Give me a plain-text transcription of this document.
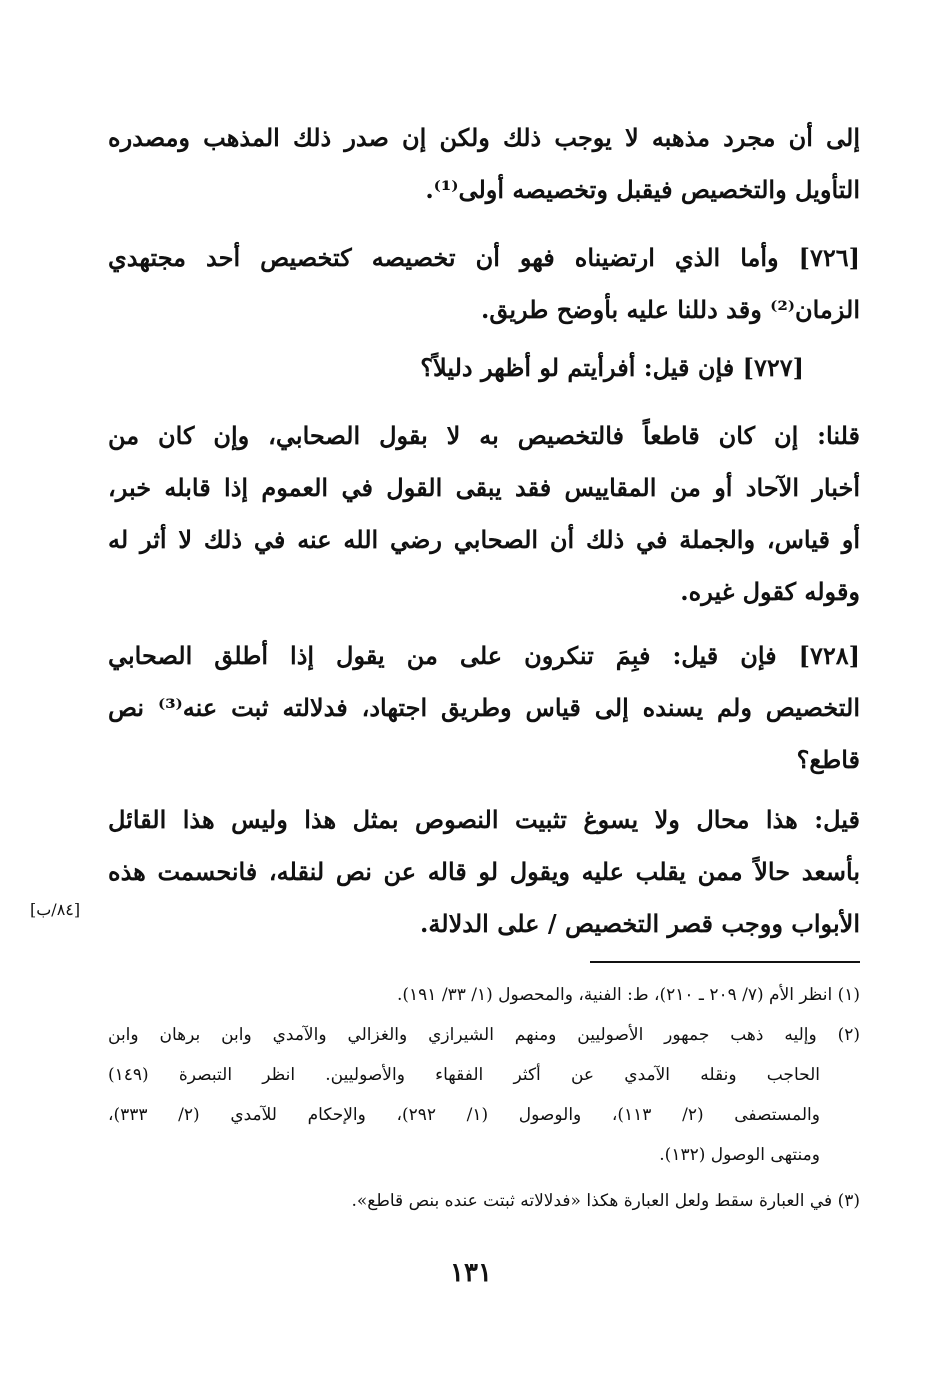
إلى أن مجرد مذهبه لا يوجب ذلك ولكن إن صدر ذلك المذهب ومصدره
التأويل والتخصيص فيقبل وتخصيصه أولى⁽¹⁾.
[٧٢٦] وأما الذي ارتضيناه فهو أن تخصيصه كتخصيص أحد مجتهدي
الزمان⁽²⁾ وقد دللنا عليه بأوضح طريق.
[٧٢٧] فإن قيل: أفرأيتم لو أظهر دليلاً؟
قلنا: إن كان قاطعاً فالتخصيص به لا بقول الصحابي، وإن كان من
أخبار الآحاد أو من المقاييس فقد يبقى القول في العموم إذا قابله خبر،
أو قياس، والجملة في ذلك أن الصحابي رضي الله عنه في ذلك لا أثر له
وقوله كقول غيره.
[٧٢٨] فإن قيل: فبِمَ تنكرون على من يقول إذا أطلق الصحابي
التخصيص ولم يسنده إلى قياس وطريق اجتهاد، فدلالته ثبت عنه⁽³⁾ نص
قاطع؟
قيل: هذا محال ولا يسوغ تثبيت النصوص بمثل هذا وليس هذا القائل
بأسعد حالاً ممن يقلب عليه ويقول لو قاله عن نص لنقله، فانحسمت هذه
الأبواب ووجب قصر التخصيص / على الدلالة.
[٨٤/ب]
(١) انظر الأم (٧/ ٢٠٩ ـ ٢١٠)، ط: الفنية، والمحصول (١/ ٣٣/ ١٩١).
(٢) وإليه ذهب جمهور الأصوليين ومنهم الشيرازي والغزالي والآمدي وابن برهان وابن
الحاجب ونقله الآمدي عن أكثر الفقهاء والأصوليين. انظر التبصرة (١٤٩)
والمستصفى (٢/ ١١٣)، والوصول (١/ ٢٩٢)، والإحكام للآمدي (٢/ ٣٣٣)،
ومنتهى الوصول (١٣٢).
(٣) في العبارة سقط ولعل العبارة هكذا «فدلالاته ثبتت عنده بنص قاطع».
١٣١
